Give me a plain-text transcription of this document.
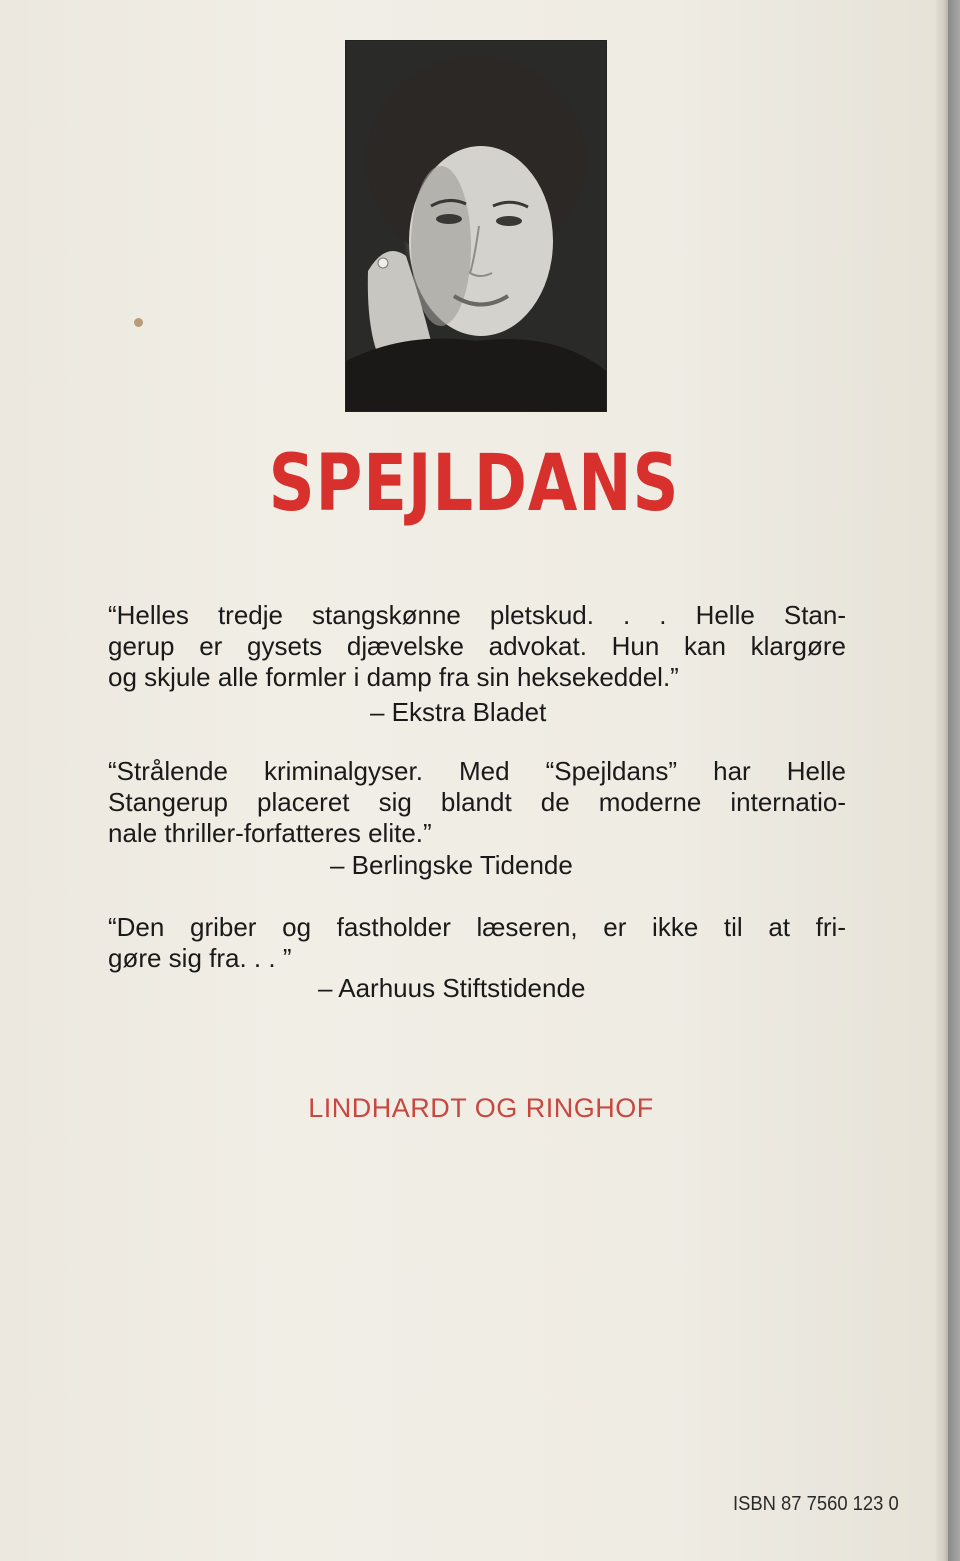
SPEJLDANS
“Helles tredje stangskønne pletskud. . . Helle Stan-
gerup er gysets djævelske advokat. Hun kan klargøre
og skjule alle formler i damp fra sin heksekeddel.”
– Ekstra Bladet
“Strålende kriminalgyser. Med “Spejldans” har Helle
Stangerup placeret sig blandt de moderne internatio-
nale thriller-forfatteres elite.”
– Berlingske Tidende
“Den griber og fastholder læseren, er ikke til at fri-
gøre sig fra. . . ”
– Aarhuus Stiftstidende
LINDHARDT OG RINGHOF
ISBN 87 7560 123 0
